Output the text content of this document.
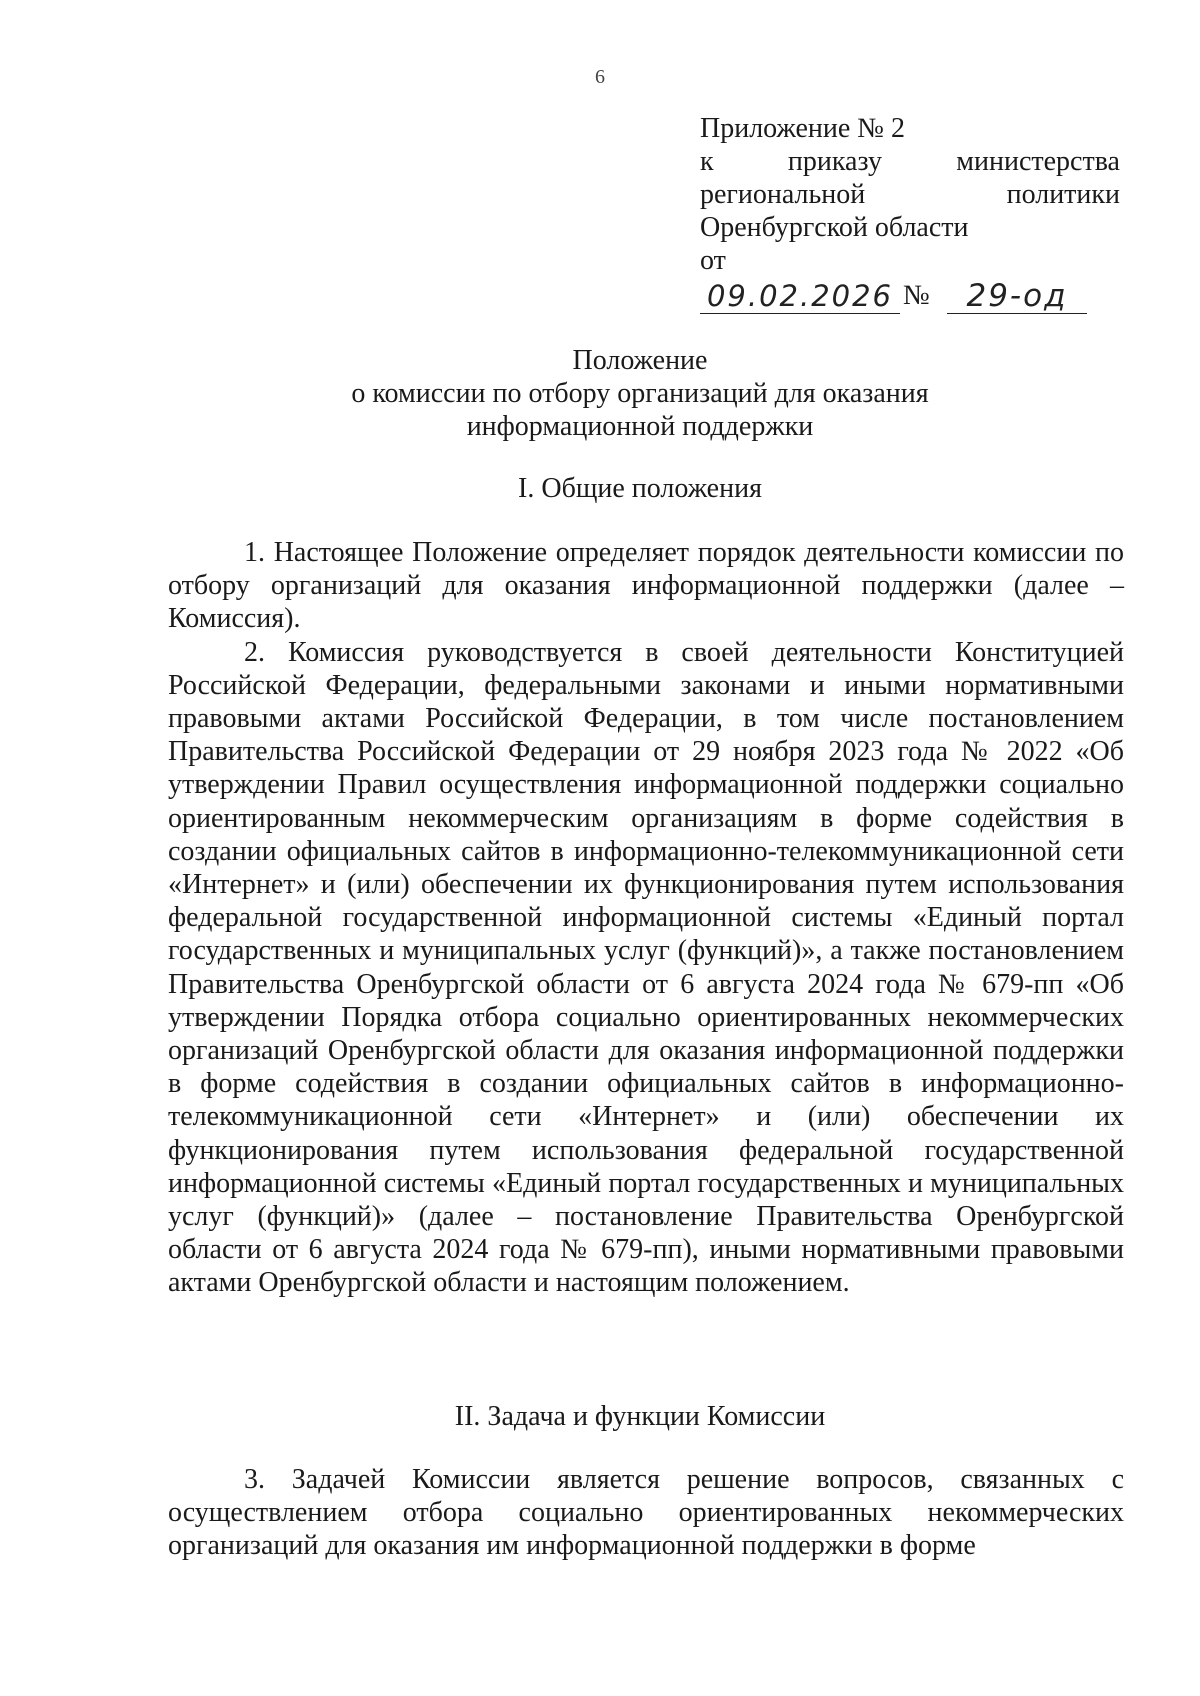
6
Приложение № 2
к	приказу	министерства
региональной	политики
Оренбургской области
от
09.02.2026 №	29-од
Положение
о комиссии по отбору организаций для оказания
информационной поддержки
I. Общие положения

1. Настоящее Положение определяет порядок деятельности комиссии по отбору организаций для оказания информационной поддержки (далее – Комиссия).

2. Комиссия руководствуется в своей деятельности Конституцией Российской Федерации, федеральными законами и иными нормативными правовыми актами Российской Федерации, в том числе постановлением Правительства Российской Федерации от 29 ноября 2023 года № 2022 «Об утверждении Правил осуществления информационной поддержки социально ориентированным некоммерческим организациям в форме содействия в создании официальных сайтов в информационно-телекоммуникационной сети «Интернет» и (или) обеспечении их функционирования путем использования федеральной государственной информационной системы «Единый портал государственных и муниципальных услуг (функций)», а также постановлением Правительства Оренбургской области от 6 августа 2024 года № 679-пп «Об утверждении Порядка отбора социально ориентированных некоммерческих организаций Оренбургской области для оказания информационной поддержки в форме содействия в создании официальных сайтов в информационно-телекоммуникационной сети «Интернет» и (или) обеспечении их функционирования путем использования федеральной государственной информационной системы «Единый портал государственных и муниципальных услуг (функций)» (далее – постановление Правительства Оренбургской области от 6 августа 2024 года № 679-пп), иными нормативными правовыми актами Оренбургской области и настоящим положением.

II. Задача и функции Комиссии

3. Задачей Комиссии является решение вопросов, связанных с осуществлением отбора социально ориентированных некоммерческих организаций для оказания им информационной поддержки в форме
